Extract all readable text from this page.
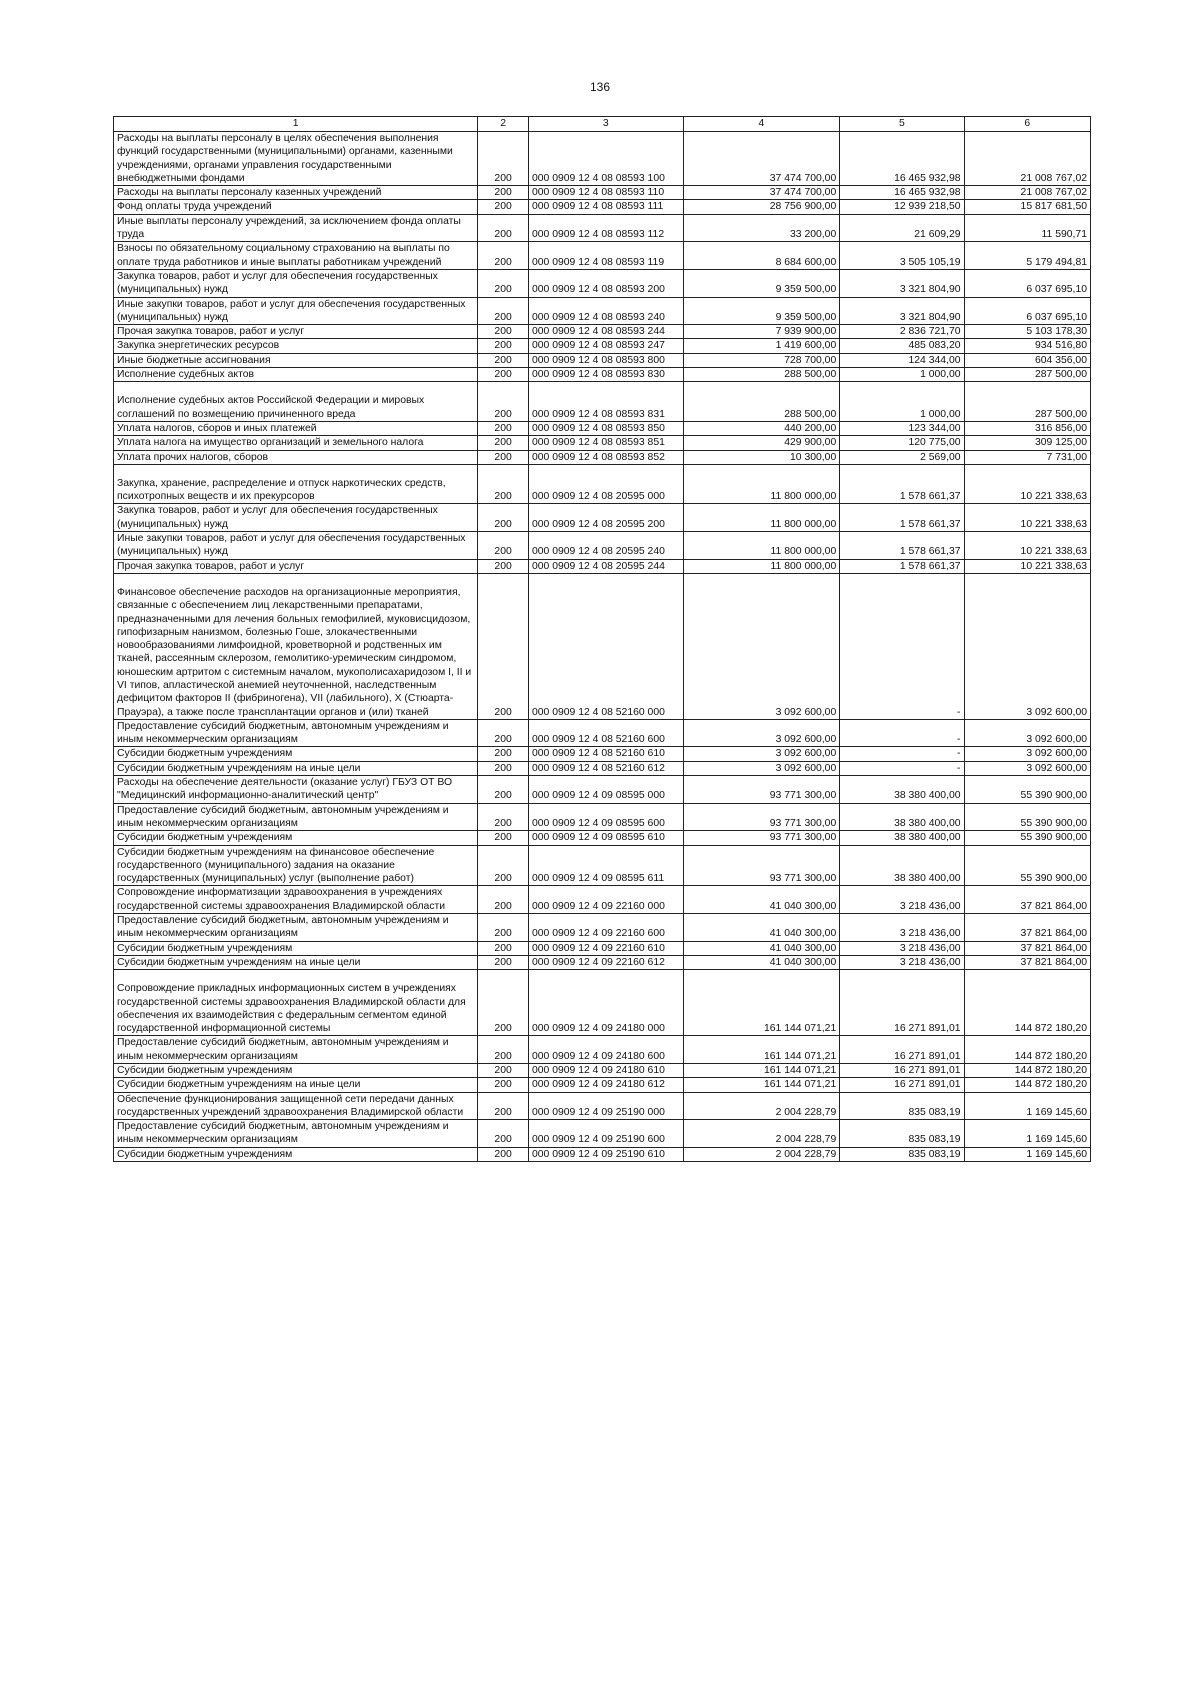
136
1	2	3	4	5	6
Расходы на выплаты персоналу в целях обеспечения выполнения функций государственными (муниципальными) органами, казенными учреждениями, органами управления государственными внебюджетными фондами	200	000 0909 12 4 08 08593 100	37 474 700,00	16 465 932,98	21 008 767,02
Расходы на выплаты персоналу казенных учреждений	200	000 0909 12 4 08 08593 110	37 474 700,00	16 465 932,98	21 008 767,02
Фонд оплаты труда учреждений	200	000 0909 12 4 08 08593 111	28 756 900,00	12 939 218,50	15 817 681,50
Иные выплаты персоналу учреждений, за исключением фонда оплаты труда	200	000 0909 12 4 08 08593 112	33 200,00	21 609,29	11 590,71
Взносы по обязательному социальному страхованию на выплаты по оплате труда работников и иные выплаты работникам учреждений	200	000 0909 12 4 08 08593 119	8 684 600,00	3 505 105,19	5 179 494,81
Закупка товаров, работ и услуг для обеспечения государственных (муниципальных) нужд	200	000 0909 12 4 08 08593 200	9 359 500,00	3 321 804,90	6 037 695,10
Иные закупки товаров, работ и услуг для обеспечения государственных (муниципальных) нужд	200	000 0909 12 4 08 08593 240	9 359 500,00	3 321 804,90	6 037 695,10
Прочая закупка товаров, работ и услуг	200	000 0909 12 4 08 08593 244	7 939 900,00	2 836 721,70	5 103 178,30
Закупка энергетических ресурсов	200	000 0909 12 4 08 08593 247	1 419 600,00	485 083,20	934 516,80
Иные бюджетные ассигнования	200	000 0909 12 4 08 08593 800	728 700,00	124 344,00	604 356,00
Исполнение судебных актов	200	000 0909 12 4 08 08593 830	288 500,00	1 000,00	287 500,00

Исполнение судебных актов Российской Федерации и мировых соглашений по возмещению причиненного вреда	200	000 0909 12 4 08 08593 831	288 500,00	1 000,00	287 500,00
Уплата налогов, сборов и иных платежей	200	000 0909 12 4 08 08593 850	440 200,00	123 344,00	316 856,00
Уплата налога на имущество организаций и земельного налога	200	000 0909 12 4 08 08593 851	429 900,00	120 775,00	309 125,00
Уплата прочих налогов, сборов	200	000 0909 12 4 08 08593 852	10 300,00	2 569,00	7 731,00

Закупка, хранение, распределение и отпуск наркотических средств, психотропных веществ и их прекурсоров	200	000 0909 12 4 08 20595 000	11 800 000,00	1 578 661,37	10 221 338,63
Закупка товаров, работ и услуг для обеспечения государственных (муниципальных) нужд	200	000 0909 12 4 08 20595 200	11 800 000,00	1 578 661,37	10 221 338,63
Иные закупки товаров, работ и услуг для обеспечения государственных (муниципальных) нужд	200	000 0909 12 4 08 20595 240	11 800 000,00	1 578 661,37	10 221 338,63
Прочая закупка товаров, работ и услуг	200	000 0909 12 4 08 20595 244	11 800 000,00	1 578 661,37	10 221 338,63

Финансовое обеспечение расходов на организационные мероприятия, связанные с обеспечением лиц лекарственными препаратами, предназначенными для лечения больных гемофилией, муковисцидозом, гипофизарным нанизмом, болезнью Гоше, злокачественными новообразованиями лимфоидной, кроветворной и родственных им тканей, рассеянным склерозом, гемолитико-уремическим синдромом, юношеским артритом с системным началом, мукополисахаридозом I, II и VI типов, апластической анемией неуточненной, наследственным дефицитом факторов II (фибриногена), VII (лабильного), X (Стюарта-Прауэра), а также после трансплантации органов и (или) тканей	200	000 0909 12 4 08 52160 000	3 092 600,00	-	3 092 600,00
Предоставление субсидий бюджетным, автономным учреждениям и иным некоммерческим организациям	200	000 0909 12 4 08 52160 600	3 092 600,00	-	3 092 600,00
Субсидии бюджетным учреждениям	200	000 0909 12 4 08 52160 610	3 092 600,00	-	3 092 600,00
Субсидии бюджетным учреждениям на иные цели	200	000 0909 12 4 08 52160 612	3 092 600,00	-	3 092 600,00
Расходы на обеспечение деятельности (оказание услуг) ГБУЗ ОТ ВО "Медицинский информационно-аналитический центр"	200	000 0909 12 4 09 08595 000	93 771 300,00	38 380 400,00	55 390 900,00
Предоставление субсидий бюджетным, автономным учреждениям и иным некоммерческим организациям	200	000 0909 12 4 09 08595 600	93 771 300,00	38 380 400,00	55 390 900,00
Субсидии бюджетным учреждениям	200	000 0909 12 4 09 08595 610	93 771 300,00	38 380 400,00	55 390 900,00
Субсидии бюджетным учреждениям на финансовое обеспечение государственного (муниципального) задания на оказание государственных (муниципальных) услуг (выполнение работ)	200	000 0909 12 4 09 08595 611	93 771 300,00	38 380 400,00	55 390 900,00
Сопровождение информатизации здравоохранения в учреждениях государственной системы здравоохранения Владимирской области	200	000 0909 12 4 09 22160 000	41 040 300,00	3 218 436,00	37 821 864,00
Предоставление субсидий бюджетным, автономным учреждениям и иным некоммерческим организациям	200	000 0909 12 4 09 22160 600	41 040 300,00	3 218 436,00	37 821 864,00
Субсидии бюджетным учреждениям	200	000 0909 12 4 09 22160 610	41 040 300,00	3 218 436,00	37 821 864,00
Субсидии бюджетным учреждениям на иные цели	200	000 0909 12 4 09 22160 612	41 040 300,00	3 218 436,00	37 821 864,00

Сопровождение прикладных информационных систем в учреждениях государственной системы здравоохранения Владимирской области для обеспечения их взаимодействия с федеральным сегментом единой государственной информационной системы	200	000 0909 12 4 09 24180 000	161 144 071,21	16 271 891,01	144 872 180,20
Предоставление субсидий бюджетным, автономным учреждениям и иным некоммерческим организациям	200	000 0909 12 4 09 24180 600	161 144 071,21	16 271 891,01	144 872 180,20
Субсидии бюджетным учреждениям	200	000 0909 12 4 09 24180 610	161 144 071,21	16 271 891,01	144 872 180,20
Субсидии бюджетным учреждениям на иные цели	200	000 0909 12 4 09 24180 612	161 144 071,21	16 271 891,01	144 872 180,20
Обеспечение функционирования защищенной сети передачи данных государственных учреждений здравоохранения Владимирской области	200	000 0909 12 4 09 25190 000	2 004 228,79	835 083,19	1 169 145,60
Предоставление субсидий бюджетным, автономным учреждениям и иным некоммерческим организациям	200	000 0909 12 4 09 25190 600	2 004 228,79	835 083,19	1 169 145,60
Субсидии бюджетным учреждениям	200	000 0909 12 4 09 25190 610	2 004 228,79	835 083,19	1 169 145,60
